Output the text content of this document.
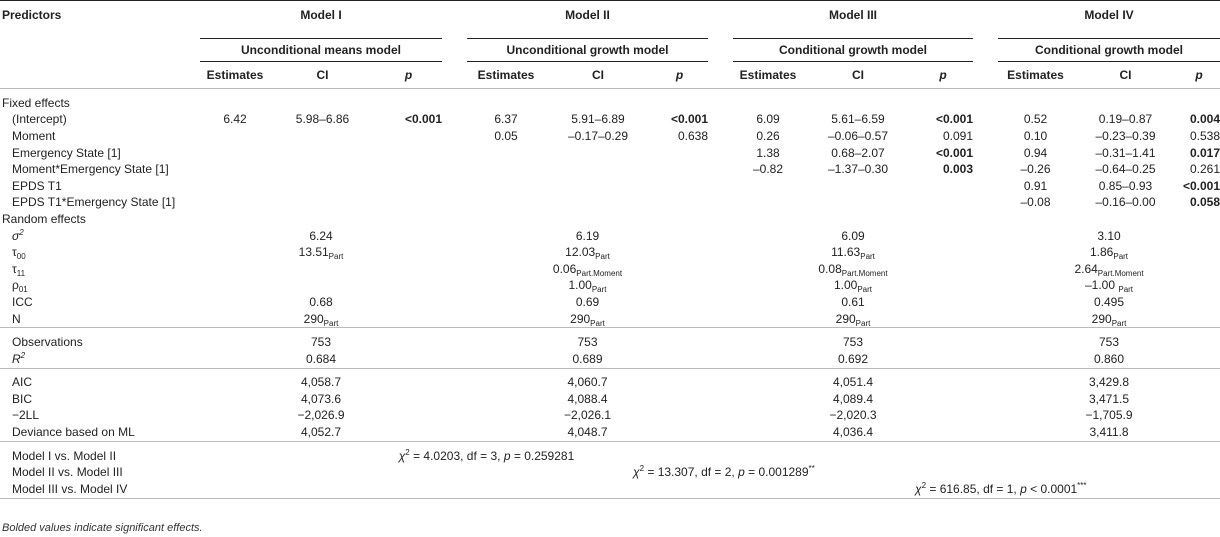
Predictors	Model I				Model II				Model III				Model IV		
	Unconditional means model				Unconditional growth model				Conditional growth model				Conditional growth model		
	Estimates	CI	p		Estimates	CI	p		Estimates	CI	p		Estimates	CI	p

Fixed effects															
(Intercept)	6.42	5.98–6.86	<0.001		6.37	5.91–6.89	<0.001		6.09	5.61–6.59	<0.001		0.52	0.19–0.87	0.004
Moment					0.05	–0.17–0.29	0.638		0.26	–0.06–0.57	0.091		0.10	–0.23–0.39	0.538
Emergency State [1]									1.38	0.68–2.07	<0.001		0.94	–0.31–1.41	0.017
Moment*Emergency State [1]									–0.82	–1.37–0.30	0.003		–0.26	–0.64–0.25	0.261
EPDS T1													0.91	0.85–0.93	<0.001
EPDS T1*Emergency State [1]													–0.08	–0.16–0.00	0.058
Random effects															
$\sigma^2$	6.24				6.19				6.09				3.10		
$\tau_{00}$	$13.51_{Part}$				$12.03_{Part}$				$11.63_{Part}$				$1.86_{Part}$
$\tau_{11}$					$0.06_{Part.Moment}$				$0.08_{Part.Moment}$				$2.64_{Part.Moment}$
$\rho_{01}$					$1.00_{Part}$				$1.00_{Part}$				–1.00 $_{Part}$
ICC	0.68				0.69				0.61				0.495		
N	$290_{Part}$				$290_{Part}$				$290_{Part}$				$290_{Part}$

Observations	753				753				753				753		
$R^2$	0.684				0.689				0.692				0.860		

AIC	4,058.7				4,060.7				4,051.4				3,429.8		
BIC	4,073.6				4,088.4				4,089.4				3,471.5		
−2LL	−2,026.9				−2,026.1				−2,020.3				−1,705.9		
Deviance based on ML	4,052.7				4,048.7				4,036.4				3,411.8		

Model I vs. Model II	$\chi^2 = 4.0203$, df = 3, p = 0.259281														
Model II vs. Model III						$\chi^2 = 13.307$, df = 2, p = 0.001289**	
Model III vs. Model IV										$\chi^2 = 616.85$, df = 1, p < 0.0001***
Bolded values indicate significant effects.
